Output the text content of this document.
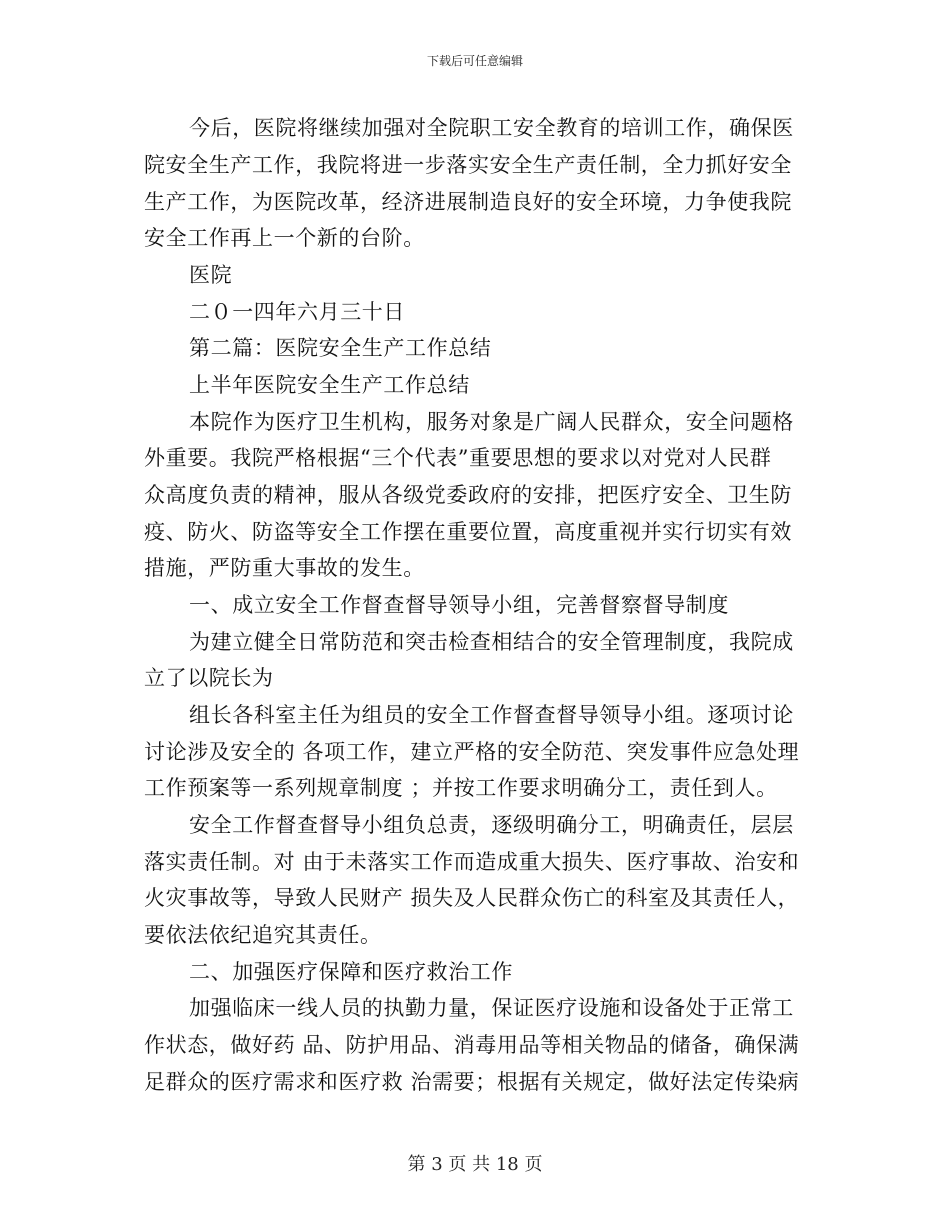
下载后可任意编辑
今后，医院将继续加强对全院职工安全教育的培训工作，确保医
院安全生产工作，我院将进一步落实安全生产责任制，全力抓好安全
生产工作，为医院改革，经济进展制造良好的安全环境，力争使我院
安全工作再上一个新的台阶。
医院
二０一四年六月三十日
第二篇：医院安全生产工作总结
上半年医院安全生产工作总结
本院作为医疗卫生机构，服务对象是广阔人民群众，安全问题格
外重要。我院严格根据“三个代表”重要思想的要求以对党对人民群
众高度负责的精神，服从各级党委政府的安排，把医疗安全、卫生防
疫、防火、防盗等安全工作摆在重要位置，高度重视并实行切实有效
措施，严防重大事故的发生。
一、成立安全工作督查督导领导小组，完善督察督导制度
为建立健全日常防范和突击检查相结合的安全管理制度，我院成
立了以院长为
组长各科室主任为组员的安全工作督查督导领导小组。逐项讨论
讨论涉及安全的 各项工作，建立严格的安全防范、突发事件应急处理
工作预案等一系列规章制度 ；并按工作要求明确分工，责任到人。
安全工作督查督导小组负总责，逐级明确分工，明确责任，层层
落实责任制。对 由于未落实工作而造成重大损失、医疗事故、治安和
火灾事故等，导致人民财产 损失及人民群众伤亡的科室及其责任人，
要依法依纪追究其责任。
二、加强医疗保障和医疗救治工作
加强临床一线人员的执勤力量，保证医疗设施和设备处于正常工
作状态，做好药 品、防护用品、消毒用品等相关物品的储备，确保满
足群众的医疗需求和医疗救 治需要；根据有关规定，做好法定传染病
第 3 页 共 18 页
